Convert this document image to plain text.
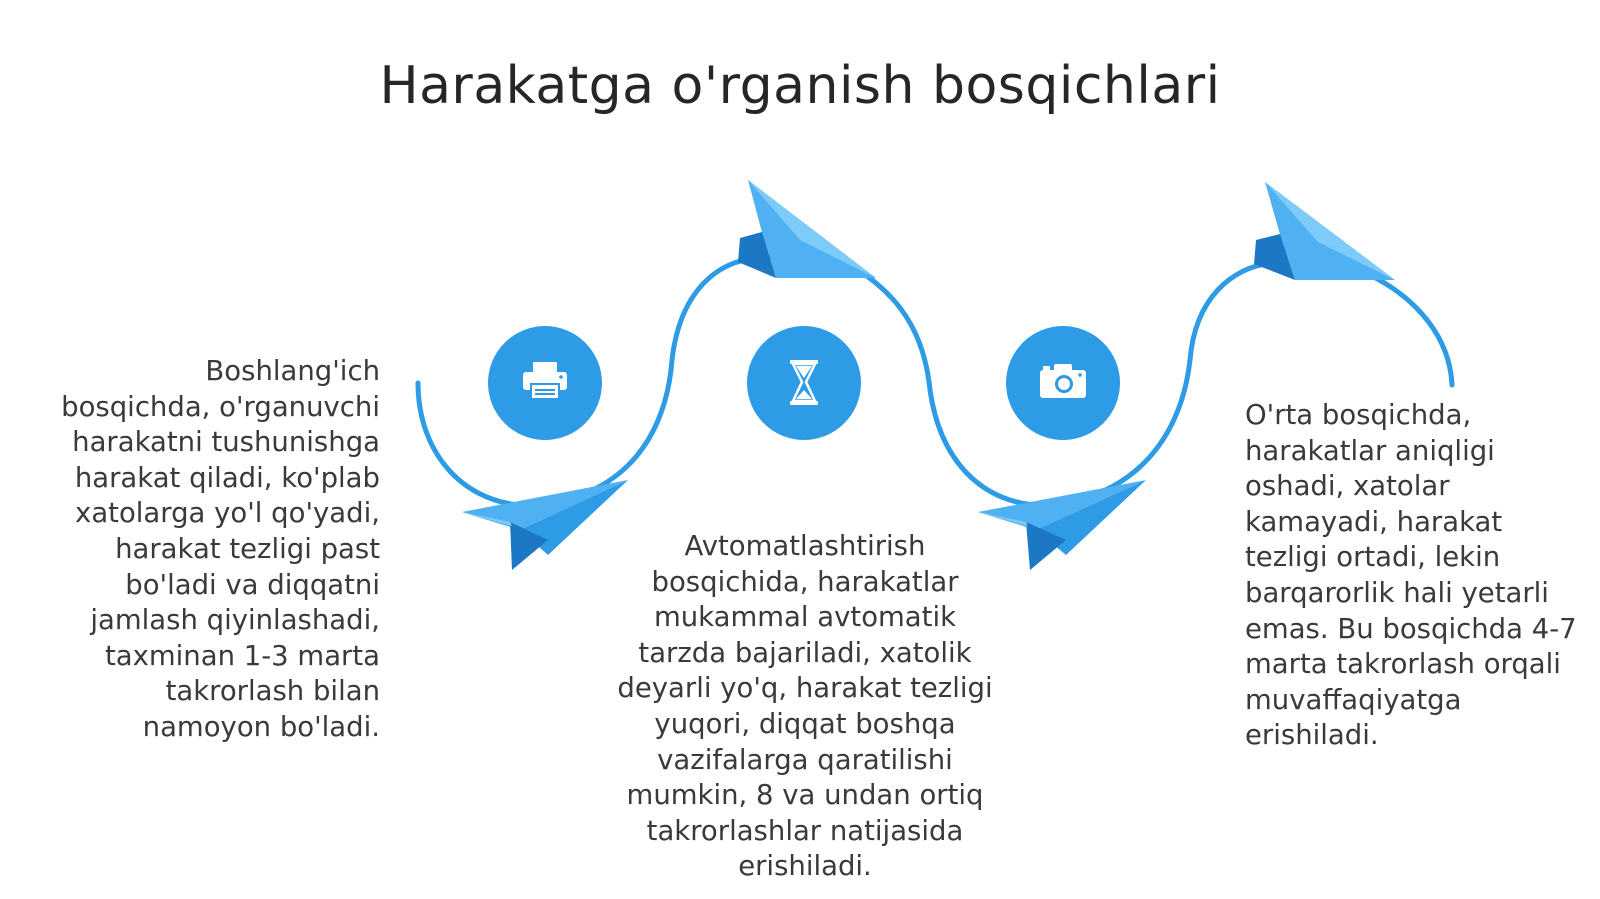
Harakatga o'rganish bosqichlari

Boshlang'ich bosqichda, o'rganuvchi harakatni tushunishga harakat qiladi, ko'plab xatolarga yo'l qo'yadi, harakat tezligi past bo'ladi va diqqatni jamlash qiyinlashadi, taxminan 1-3 marta takrorlash bilan namoyon bo'ladi.

Avtomatlashtirish bosqichida, harakatlar mukammal avtomatik tarzda bajariladi, xatolik deyarli yo'q, harakat tezligi yuqori, diqqat boshqa vazifalarga qaratilishi mumkin, 8 va undan ortiq takrorlashlar natijasida erishiladi.

O'rta bosqichda, harakatlar aniqligi oshadi, xatolar kamayadi, harakat tezligi ortadi, lekin barqarorlik hali yetarli emas. Bu bosqichda 4-7 marta takrorlash orqali muvaffaqiyatga erishiladi.
